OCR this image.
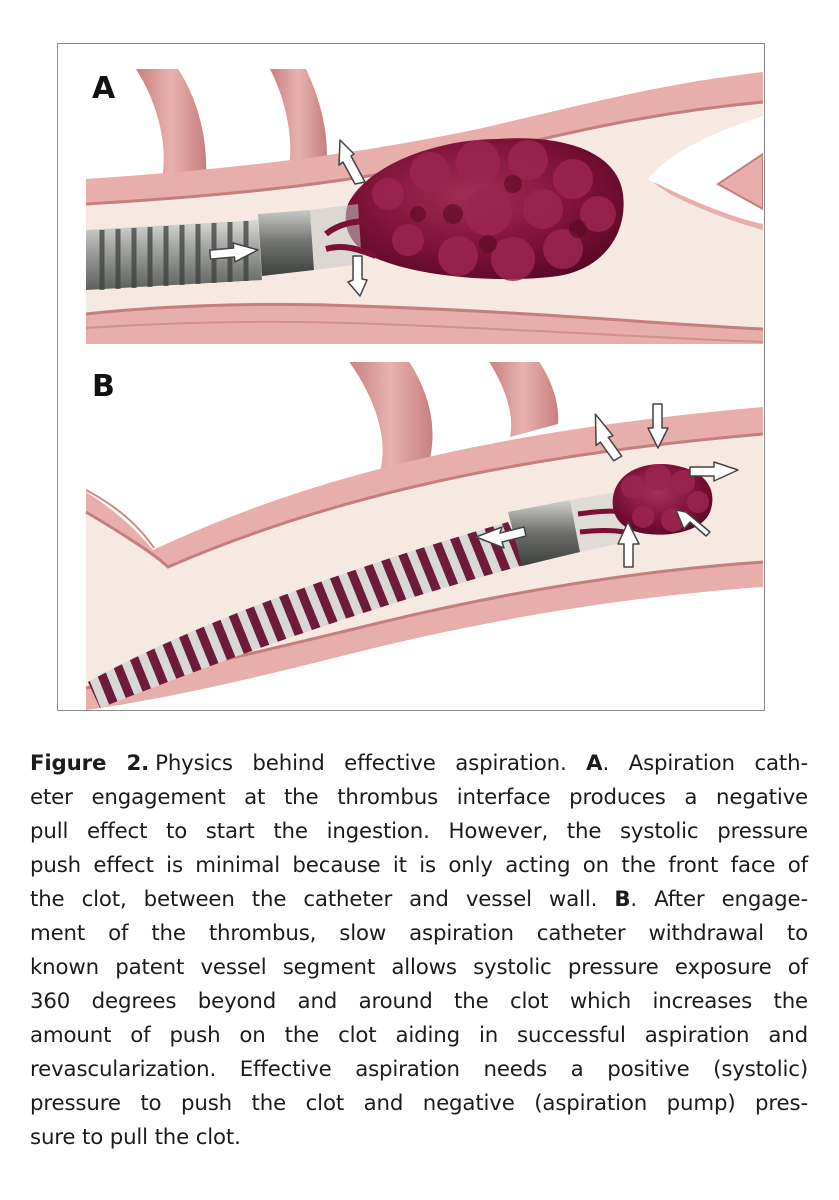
A
B
Figure 2. Physics behind effective aspiration. A. Aspiration cath-
eter engagement at the thrombus interface produces a negative
pull effect to start the ingestion. However, the systolic pressure
push effect is minimal because it is only acting on the front face of
the clot, between the catheter and vessel wall. B. After engage-
ment of the thrombus, slow aspiration catheter withdrawal to
known patent vessel segment allows systolic pressure exposure of
360 degrees beyond and around the clot which increases the
amount of push on the clot aiding in successful aspiration and
revascularization. Effective aspiration needs a positive (systolic)
pressure to push the clot and negative (aspiration pump) pres-
sure to pull the clot.
